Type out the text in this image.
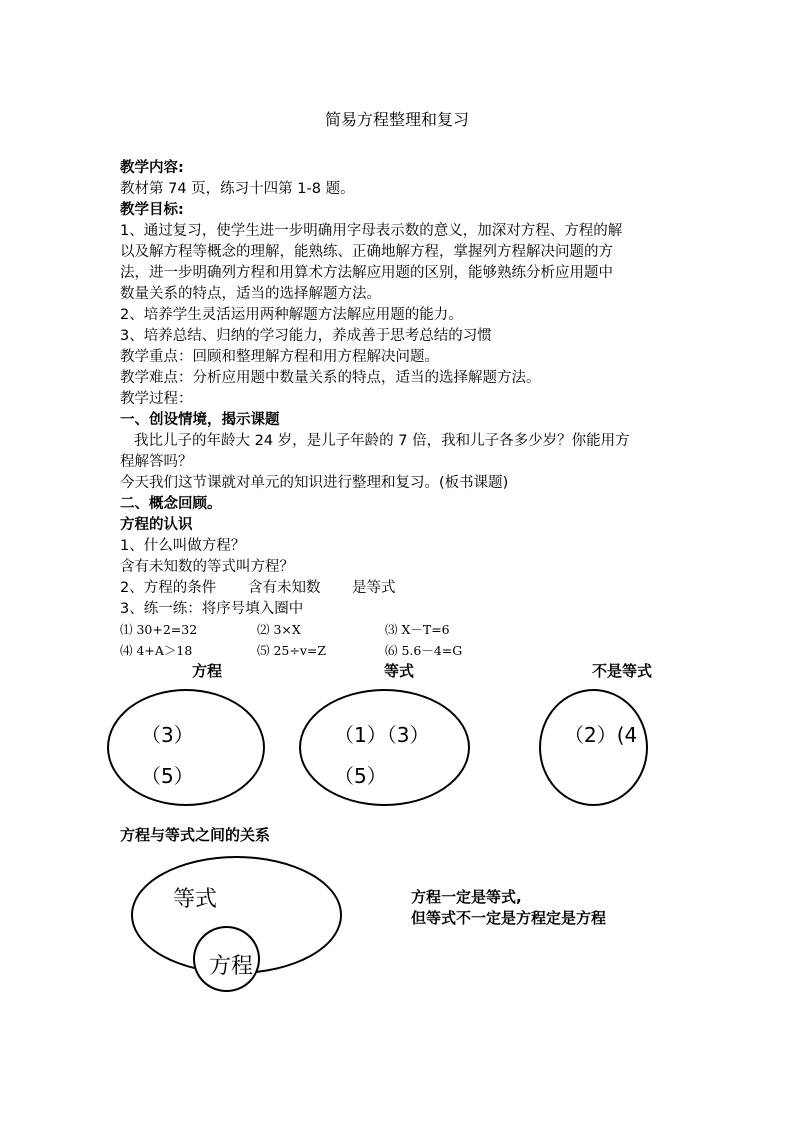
简易方程整理和复习
教学内容:
教材第 74 页，练习十四第 1-8 题。
教学目标:
1、通过复习，使学生进一步明确用字母表示数的意义，加深对方程、方程的解
以及解方程等概念的理解，能熟练、正确地解方程，掌握列方程解决问题的方
法，进一步明确列方程和用算术方法解应用题的区别，能够熟练分析应用题中
数量关系的特点，适当的选择解题方法。
2、培养学生灵活运用两种解题方法解应用题的能力。
3、培养总结、归纳的学习能力，养成善于思考总结的习惯
教学重点：回顾和整理解方程和用方程解决问题。
教学难点：分析应用题中数量关系的特点，适当的选择解题方法。
教学过程：
一、创设情境，揭示课题
我比儿子的年龄大 24 岁，是儿子年龄的 7 倍，我和儿子各多少岁？你能用方
程解答吗？
今天我们这节课就对单元的知识进行整理和复习。(板书课题)
二、概念回顾。
方程的认识
1、什么叫做方程？
含有未知数的等式叫方程？
2、方程的条件 含有未知数 是等式
3、练一练：将序号填入圈中
⑴ 30+2=32	⑵ 3×X	⑶ X－T=6
⑷ 4+A＞18	⑸ 25÷v=Z	⑹ 5.6－4=G
方程	等式	不是等式
（3）
（5）
（1）（3）
（5）
（2）(4
方程与等式之间的关系
等式
方程
方程一定是等式,
但等式不一定是方程定是方程
